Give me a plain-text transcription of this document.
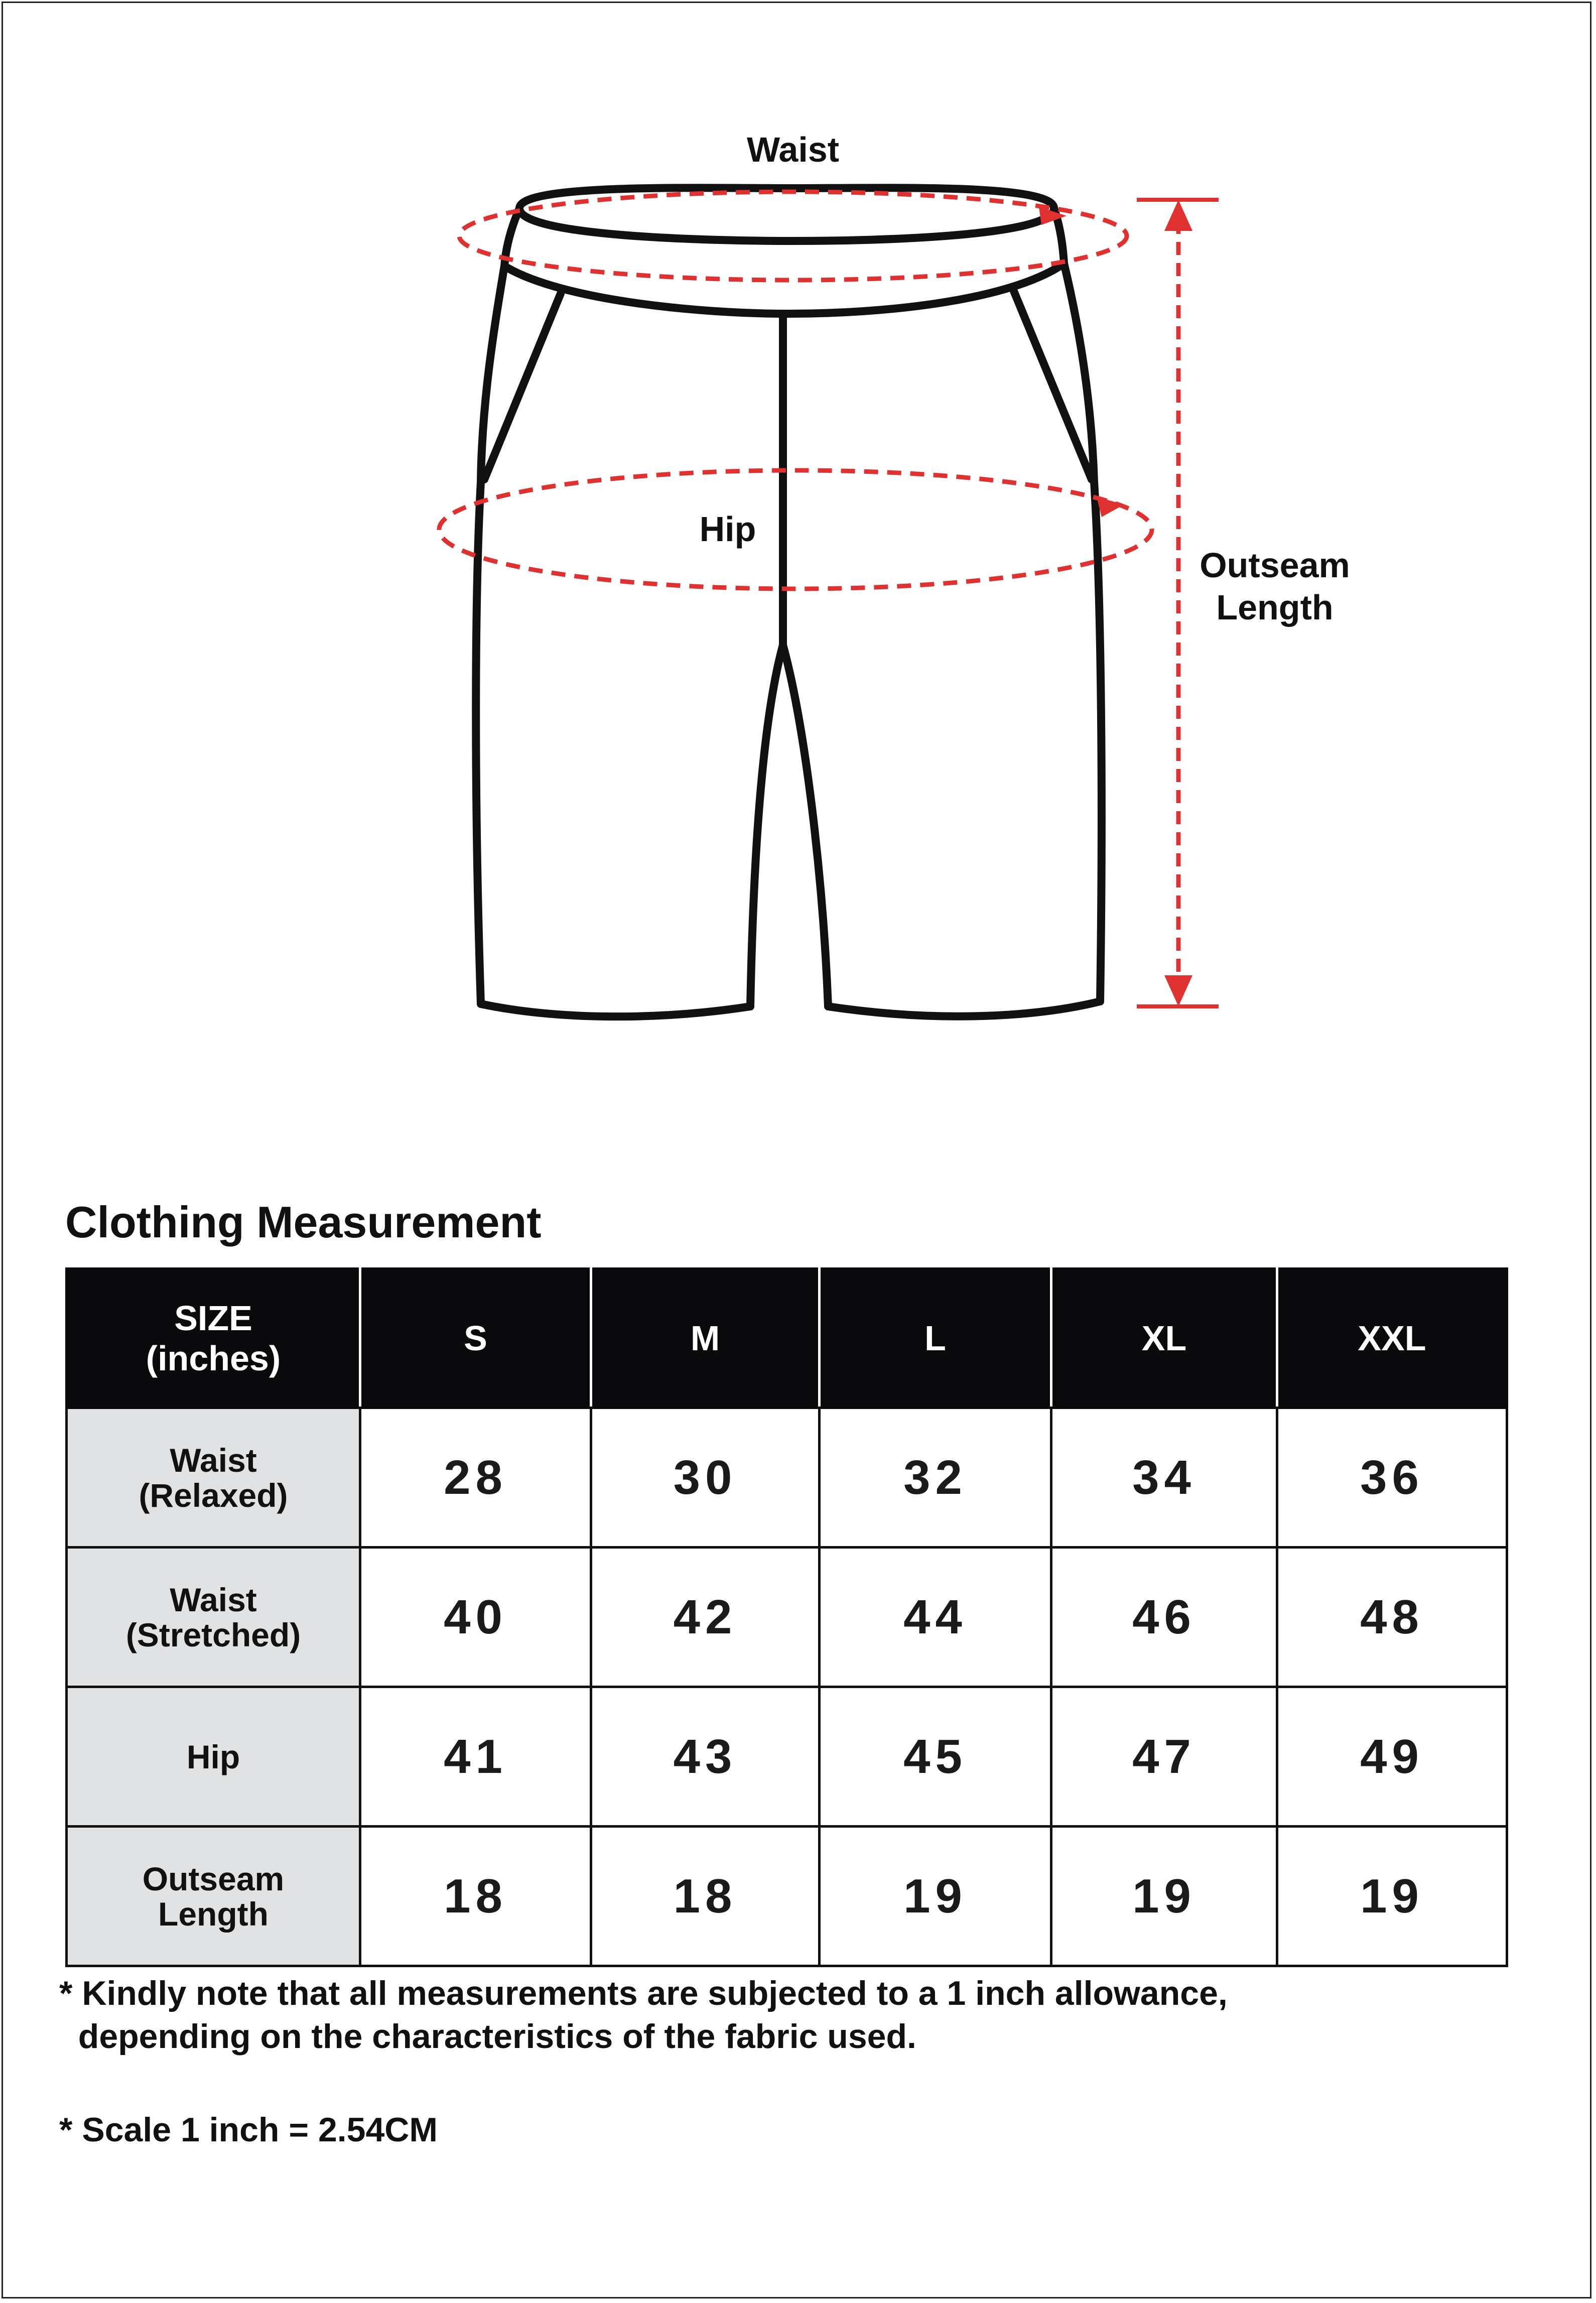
Waist
Hip
Outseam
Length
Clothing Measurement
SIZE
(inches)	S	M	L	XL	XXL

Waist
(Relaxed)	28	30	32	34	36

Waist
(Stretched)	40	42	44	46	48

Hip	41	43	45	47	49

Outseam
Length	18	18	19	19	19
* Kindly note that all measurements are subjected to a 1 inch allowance,
depending on the characteristics of the fabric used.
* Scale 1 inch = 2.54CM
